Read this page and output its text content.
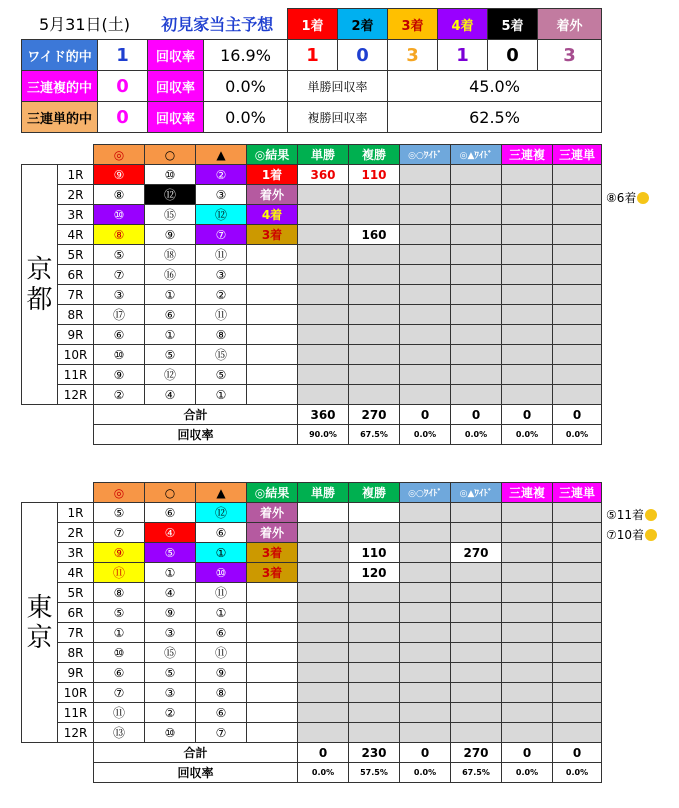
5月31日(土)		初見家当主予想		1着	2着	3着	4着	5着	着外
ワイド的中	1	回収率	16.9%	1	0	3	1	0	3
三連複的中	0	回収率	0.0%	単勝回収率		45.0%			
三連単的中	0	回収率	0.0%	複勝回収率		62.5%			
		◎	○	▲	◎結果	単勝	複勝	◎○ﾜｲﾄﾞ	◎▲ﾜｲﾄﾞ	三連複	三連単
京
都	1R	⑨	⑩	②	1着	360	110				
	2R	⑧	⑫	③	着外						
	3R	⑩	⑮	⑫	4着						
	4R	⑧	⑨	⑦	3着		160				
	5R	⑤	⑱	⑪							
	6R	⑦	⑯	③							
	7R	③	①	②							
	8R	⑰	⑥	⑪							
	9R	⑥	①	⑧							
	10R	⑩	⑤	⑮							
	11R	⑨	⑫	⑤							
	12R	②	④	①							
		合計				360	270	0	0	0	0
		回収率				90.0%	67.5%	0.0%	0.0%	0.0%	0.0%
⑧6着
		◎	○	▲	◎結果	単勝	複勝	◎○ﾜｲﾄﾞ	◎▲ﾜｲﾄﾞ	三連複	三連単
東
京	1R	⑤	⑥	⑫	着外						
	2R	⑦	④	⑥	着外						
	3R	⑨	⑤	①	3着		110		270		
	4R	⑪	①	⑩	3着		120				
	5R	⑧	④	⑪							
	6R	⑤	⑨	①							
	7R	①	③	⑥							
	8R	⑩	⑮	⑪							
	9R	⑥	⑤	⑨							
	10R	⑦	③	⑧							
	11R	⑪	②	⑥							
	12R	⑬	⑩	⑦							
		合計				0	230	0	270	0	0
		回収率				0.0%	57.5%	0.0%	67.5%	0.0%	0.0%
⑤11着
⑦10着
